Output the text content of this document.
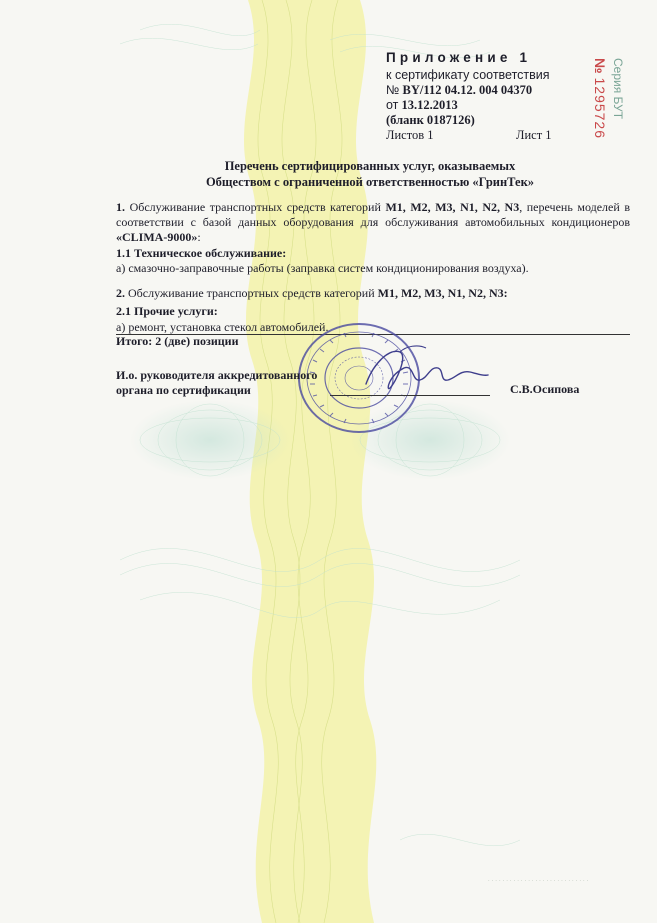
Приложение 1
к сертификату соответствия
№ BY/112 04.12. 004 04370
от 13.12.2013
(бланк 0187126)
Листов 1	Лист 1
Серия БУТ
№ 1295726
Перечень сертифицированных услуг, оказываемых
Обществом с ограниченной ответственностью «ГринТек»
1. Обслуживание транспортных средств категорий M1, M2, M3, N1, N2, N3, перечень моделей в соответствии с базой данных оборудования для обслуживания автомобильных кондиционеров «CLIMA-9000»:
1.1 Техническое обслуживание:
а) смазочно-заправочные работы (заправка систем кондиционирования воздуха).
2. Обслуживание транспортных средств категорий M1, M2, M3, N1, N2, N3:
2.1 Прочие услуги:
а) ремонт, установка стекол автомобилей.
Итого: 2 (две) позиции
И.о. руководителя аккредитованного
органа по сертификации	С.В.Осипова
· · · · · · · · · · · · · · · · · · · · · · · · · · · ·
